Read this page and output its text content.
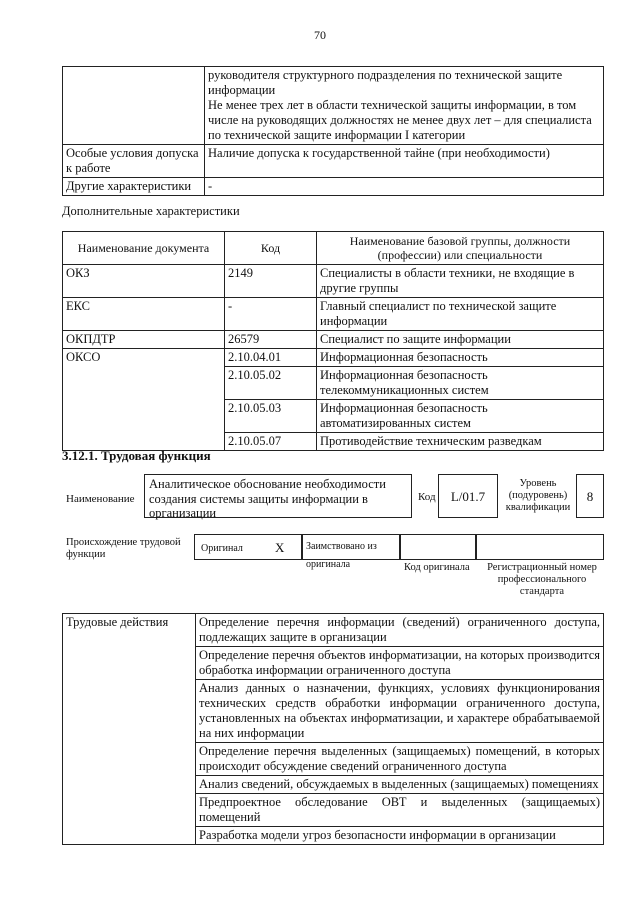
70

	руководителя структурного подразделения по технической защите информации
Не менее трех лет в области технической защиты информации, в том числе на руководящих должностях не менее двух лет – для специалиста по технической защите информации I категории

Особые условия допуска к работе	Наличие допуска к государственной тайне (при необходимости)
Другие характеристики	-
Дополнительные характеристики
Наименование документа	Код	Наименование базовой группы, должности (профессии) или специальности
ОКЗ	2149	Специалисты в области техники, не входящие в другие группы
ЕКС	-	Главный специалист по технической защите информации
ОКПДТР	26579	Специалист по защите информации
ОКСО	2.10.04.01	Информационная безопасность
	2.10.05.02	Информационная безопасность телекоммуникационных систем
	2.10.05.03	Информационная безопасность автоматизированных систем
	2.10.05.07	Противодействие техническим разведкам
3.12.1. Трудовая функция
Наименование
Аналитическое обоснование необходимости создания системы защиты информации в организации
Код	L/01.7
Уровень (подуровень) квалификации
8
Происхождение трудовой функции
Оригинал X	Заимствовано из оригинала	Код оригинала	Регистрационный номер профессионального стандарта
Трудовые действия	Определение перечня информации (сведений) ограниченного доступа, подлежащих защите в организации
Определение перечня объектов информатизации, на которых производится обработка информации ограниченного доступа
Анализ данных о назначении, функциях, условиях функционирования технических средств обработки информации ограниченного доступа, установленных на объектах информатизации, и характере обрабатываемой на них информации
Определение перечня выделенных (защищаемых) помещений, в которых происходит обсуждение сведений ограниченного доступа
Анализ сведений, обсуждаемых в выделенных (защищаемых) помещениях
Предпроектное обследование ОВТ и выделенных (защищаемых) помещений
Разработка модели угроз безопасности информации в организации
